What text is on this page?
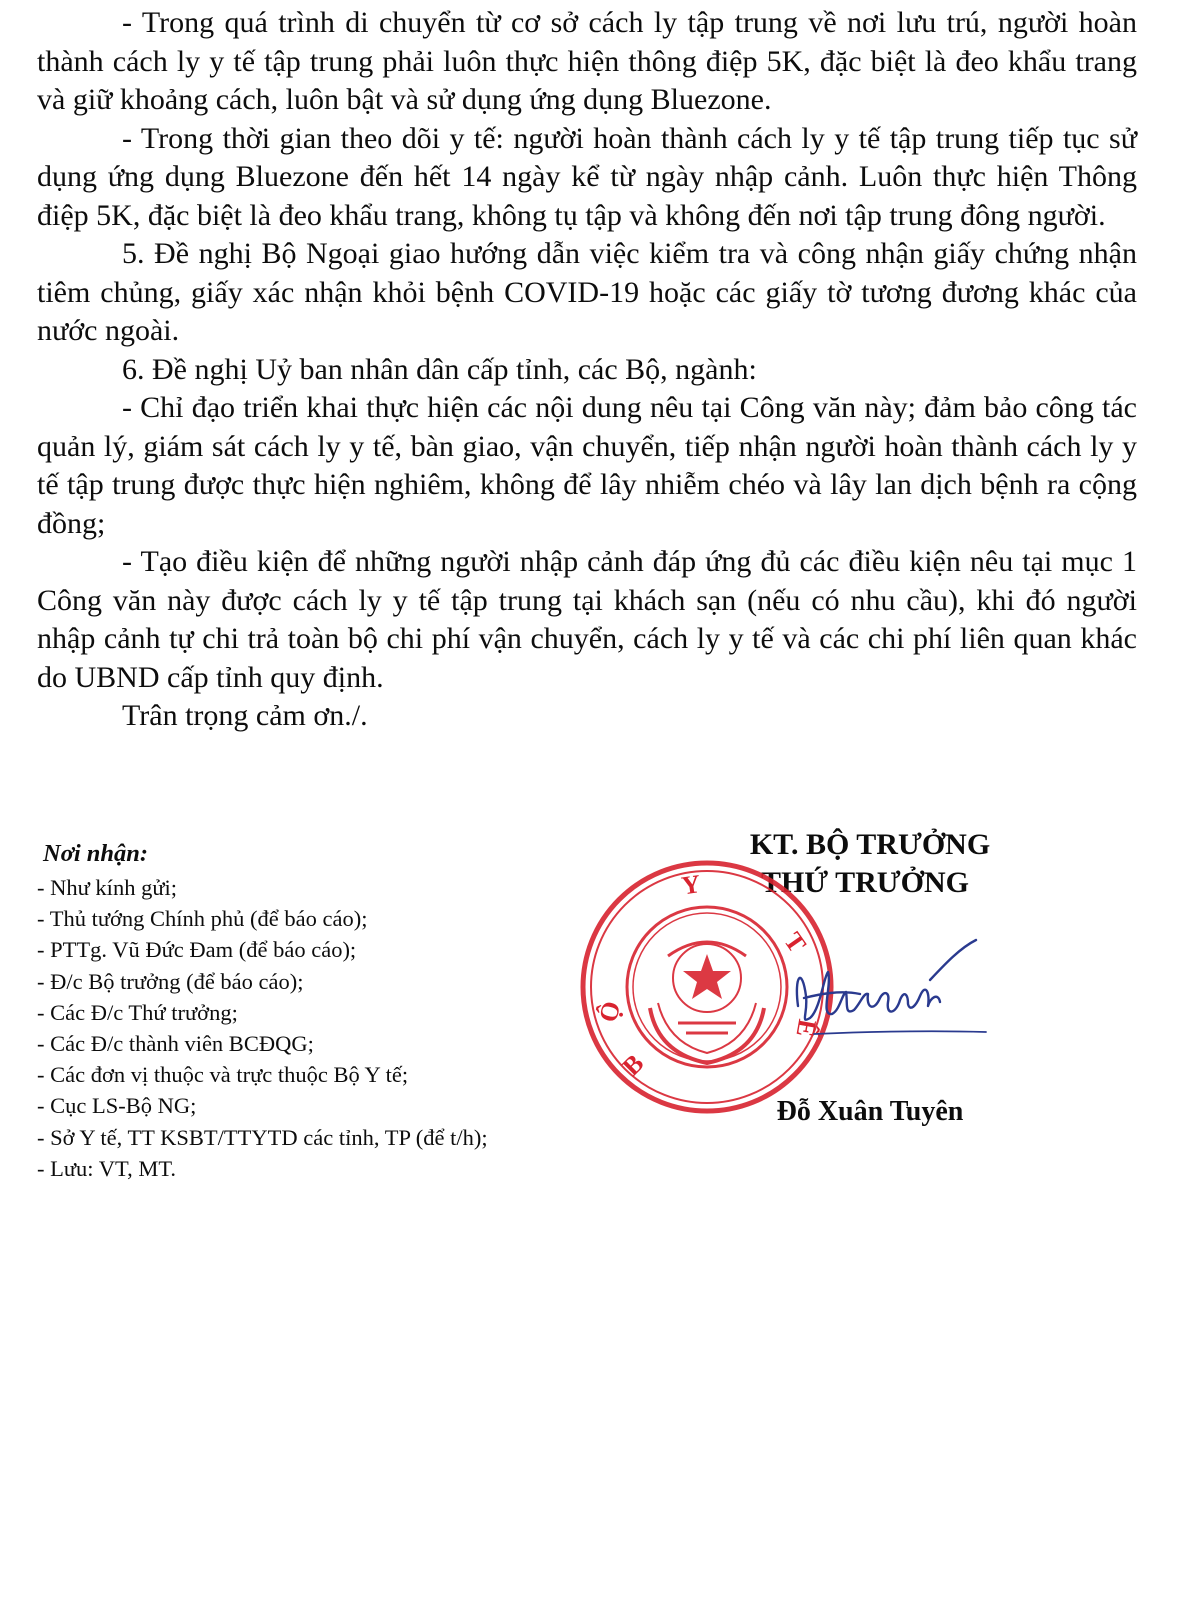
- Trong quá trình di chuyển từ cơ sở cách ly tập trung về nơi lưu trú, người hoàn thành cách ly y tế tập trung phải luôn thực hiện thông điệp 5K, đặc biệt là đeo khẩu trang và giữ khoảng cách, luôn bật và sử dụng ứng dụng Bluezone.

- Trong thời gian theo dõi y tế: người hoàn thành cách ly y tế tập trung tiếp tục sử dụng ứng dụng Bluezone đến hết 14 ngày kể từ ngày nhập cảnh. Luôn thực hiện Thông điệp 5K, đặc biệt là đeo khẩu trang, không tụ tập và không đến nơi tập trung đông người.

5. Đề nghị Bộ Ngoại giao hướng dẫn việc kiểm tra và công nhận giấy chứng nhận tiêm chủng, giấy xác nhận khỏi bệnh COVID-19 hoặc các giấy tờ tương đương khác của nước ngoài.

6. Đề nghị Uỷ ban nhân dân cấp tỉnh, các Bộ, ngành:

- Chỉ đạo triển khai thực hiện các nội dung nêu tại Công văn này; đảm bảo công tác quản lý, giám sát cách ly y tế, bàn giao, vận chuyển, tiếp nhận người hoàn thành cách ly y tế tập trung được thực hiện nghiêm, không để lây nhiễm chéo và lây lan dịch bệnh ra cộng đồng;

- Tạo điều kiện để những người nhập cảnh đáp ứng đủ các điều kiện nêu tại mục 1 Công văn này được cách ly y tế tập trung tại khách sạn (nếu có nhu cầu), khi đó người nhập cảnh tự chi trả toàn bộ chi phí vận chuyển, cách ly y tế và các chi phí liên quan khác do UBND cấp tỉnh quy định.

Trân trọng cảm ơn./.

Nơi nhận:
- Như kính gửi;
- Thủ tướng Chính phủ (để báo cáo);
- PTTg. Vũ Đức Đam (để báo cáo);
- Đ/c Bộ trưởng (để báo cáo);
- Các Đ/c Thứ trưởng;
- Các Đ/c thành viên BCĐQG;
- Các đơn vị thuộc và trực thuộc Bộ Y tế;
- Cục LS-Bộ NG;
- Sở Y tế, TT KSBT/TTYTD các tỉnh, TP (để t/h);
- Lưu: VT, MT.
KT. BỘ TRƯỞNG
THỨ TRƯỞNG
Y
T
Ế
Ộ
B
Đỗ Xuân Tuyên
